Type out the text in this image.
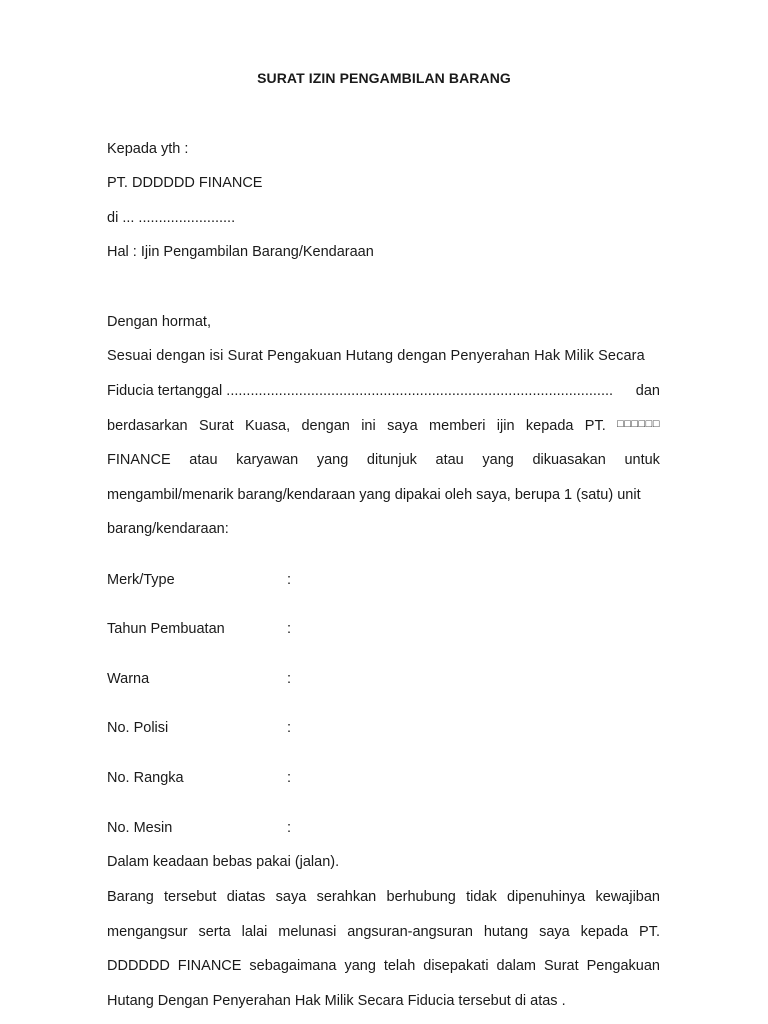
SURAT IZIN PENGAMBILAN BARANG
Kepada yth :
PT. DDDDDD FINANCE
di ... ........................
Hal : Ijin Pengambilan Barang/Kendaraan
Dengan hormat,
Sesuai dengan isi Surat Pengakuan Hutang dengan Penyerahan Hak Milik Secara
Fiducia tertanggal ................................................................................................ dan
berdasarkan Surat Kuasa, dengan ini saya memberi ijin kepada PT. □□□□□□
FINANCE atau karyawan yang ditunjuk atau yang dikuasakan untuk
mengambil/menarik barang/kendaraan yang dipakai oleh saya, berupa 1 (satu) unit
barang/kendaraan:
Merk/Type	:
Tahun Pembuatan	:
Warna	:
No. Polisi	:
No. Rangka	:
No. Mesin	:
Dalam keadaan bebas pakai (jalan).
Barang tersebut diatas saya serahkan berhubung tidak dipenuhinya kewajiban
mengangsur serta lalai melunasi angsuran-angsuran hutang saya kepada PT.
DDDDDD FINANCE sebagaimana yang telah disepakati dalam Surat Pengakuan
Hutang Dengan Penyerahan Hak Milik Secara Fiducia tersebut di atas .
